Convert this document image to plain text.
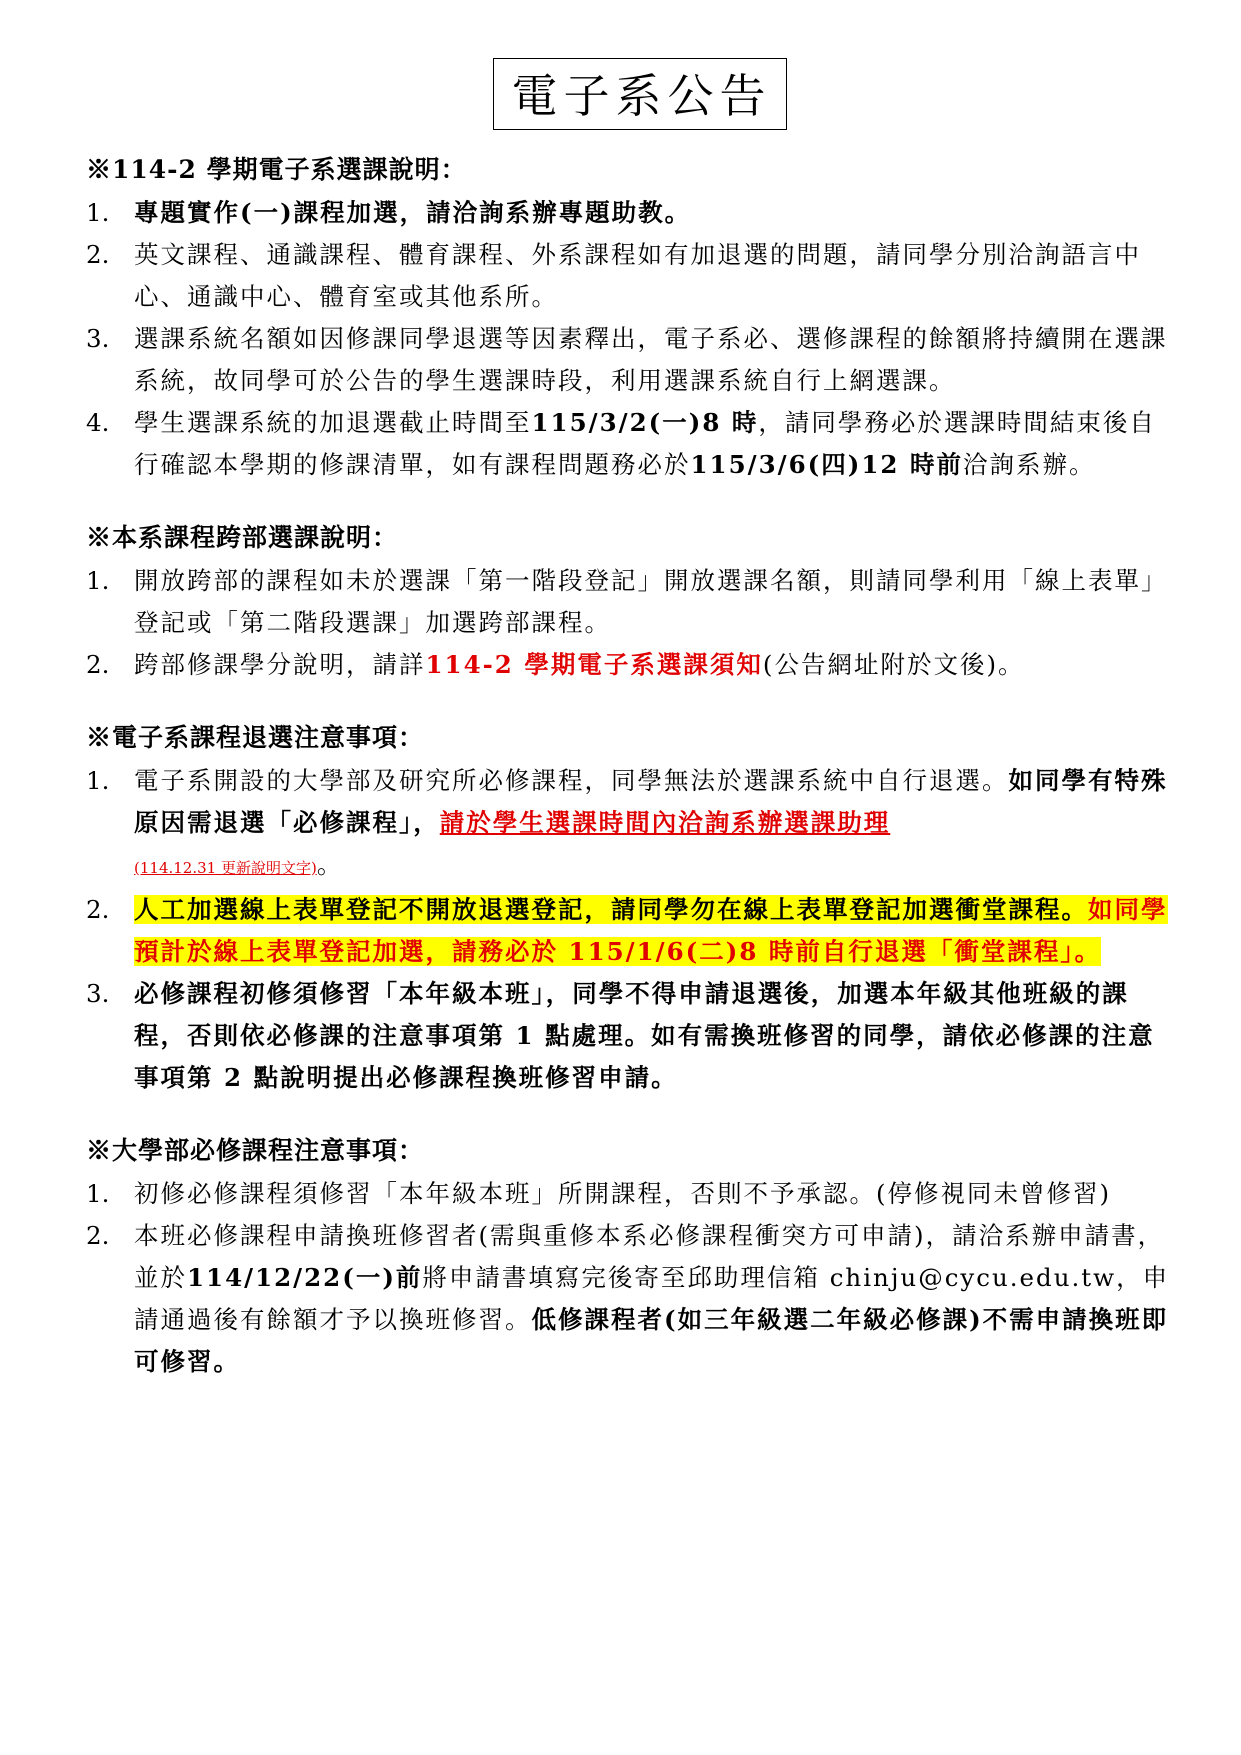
電子系公告
※114-2 學期電子系選課說明：
1. 專題實作(一)課程加選，請洽詢系辦專題助教。
2. 英文課程、通識課程、體育課程、外系課程如有加退選的問題，請同學分別洽詢語言中心、通識中心、體育室或其他系所。
3. 選課系統名額如因修課同學退選等因素釋出，電子系必、選修課程的餘額將持續開在選課系統，故同學可於公告的學生選課時段，利用選課系統自行上網選課。
4. 學生選課系統的加退選截止時間至115/3/2(一)8 時，請同學務必於選課時間結束後自行確認本學期的修課清單，如有課程問題務必於115/3/6(四)12 時前洽詢系辦。
※本系課程跨部選課說明：
1. 開放跨部的課程如未於選課「第一階段登記」開放選課名額，則請同學利用「線上表單」登記或「第二階段選課」加選跨部課程。
2. 跨部修課學分說明，請詳114-2 學期電子系選課須知(公告網址附於文後)。
※電子系課程退選注意事項：
1. 電子系開設的大學部及研究所必修課程，同學無法於選課系統中自行退選。如同學有特殊原因需退選「必修課程」，請於學生選課時間內洽詢系辦選課助理
(114.12.31 更新說明文字)。
2. 人工加選線上表單登記不開放退選登記，請同學勿在線上表單登記加選衝堂課程。如同學預計於線上表單登記加選，請務必於 115/1/6(二)8 時前自行退選「衝堂課程」。
3. 必修課程初修須修習「本年級本班」，同學不得申請退選後，加選本年級其他班級的課程，否則依必修課的注意事項第 1 點處理。如有需換班修習的同學，請依必修課的注意事項第 2 點說明提出必修課程換班修習申請。
※大學部必修課程注意事項：
1. 初修必修課程須修習「本年級本班」所開課程，否則不予承認。(停修視同未曾修習)
2. 本班必修課程申請換班修習者(需與重修本系必修課程衝突方可申請)，請洽系辦申請書，並於114/12/22(一)前將申請書填寫完後寄至邱助理信箱 chinju@cycu.edu.tw，申請通過後有餘額才予以換班修習。低修課程者(如三年級選二年級必修課)不需申請換班即可修習。
